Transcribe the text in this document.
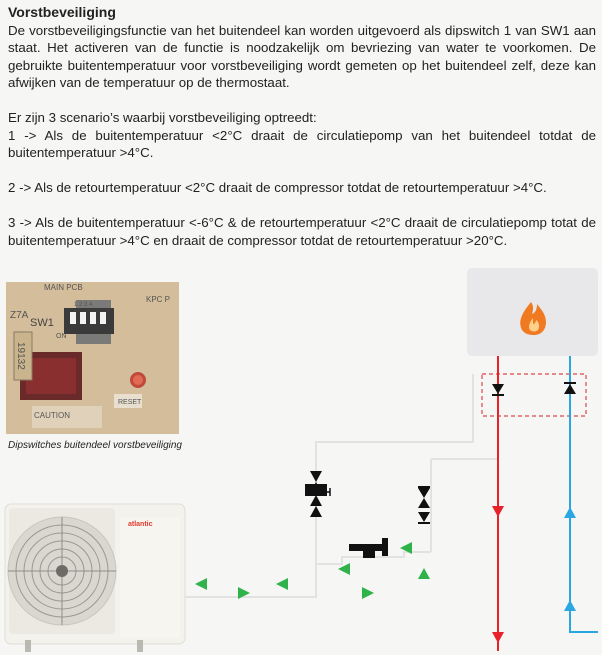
Vorstbeveiliging

De vorstbeveiligingsfunctie van het buitendeel kan worden uitgevoerd als dipswitch 1 van SW1 aan staat. Het activeren van de functie is noodzakelijk om bevriezing van water te voorkomen. De gebruikte buitentemperatuur voor vorstbeveiliging wordt gemeten op het buitendeel zelf, deze kan afwijken van de temperatuur op de thermostaat.

Er zijn 3 scenario’s waarbij vorstbeveiliging optreedt:

1 -> Als de buitentemperatuur <2°C draait de circulatiepomp van het buitendeel totdat de buitentemperatuur >4°C.

2 -> Als de retourtemperatuur <2°C draait de compressor totdat de retourtemperatuur >4°C.

3 -> Als de buitentemperatuur <-6°C & de retourtemperatuur <2°C draait de circulatiepomp totat de buitentemperatuur >4°C en draait de compressor totdat de retourtemperatuur >20°C.

Z7A
MAIN PCB
KPC P
SW1
ON
19132
RESET
CAUTION
1 2 3 4
Dipswitches buitendeel vorstbeveiliging
atlantic
